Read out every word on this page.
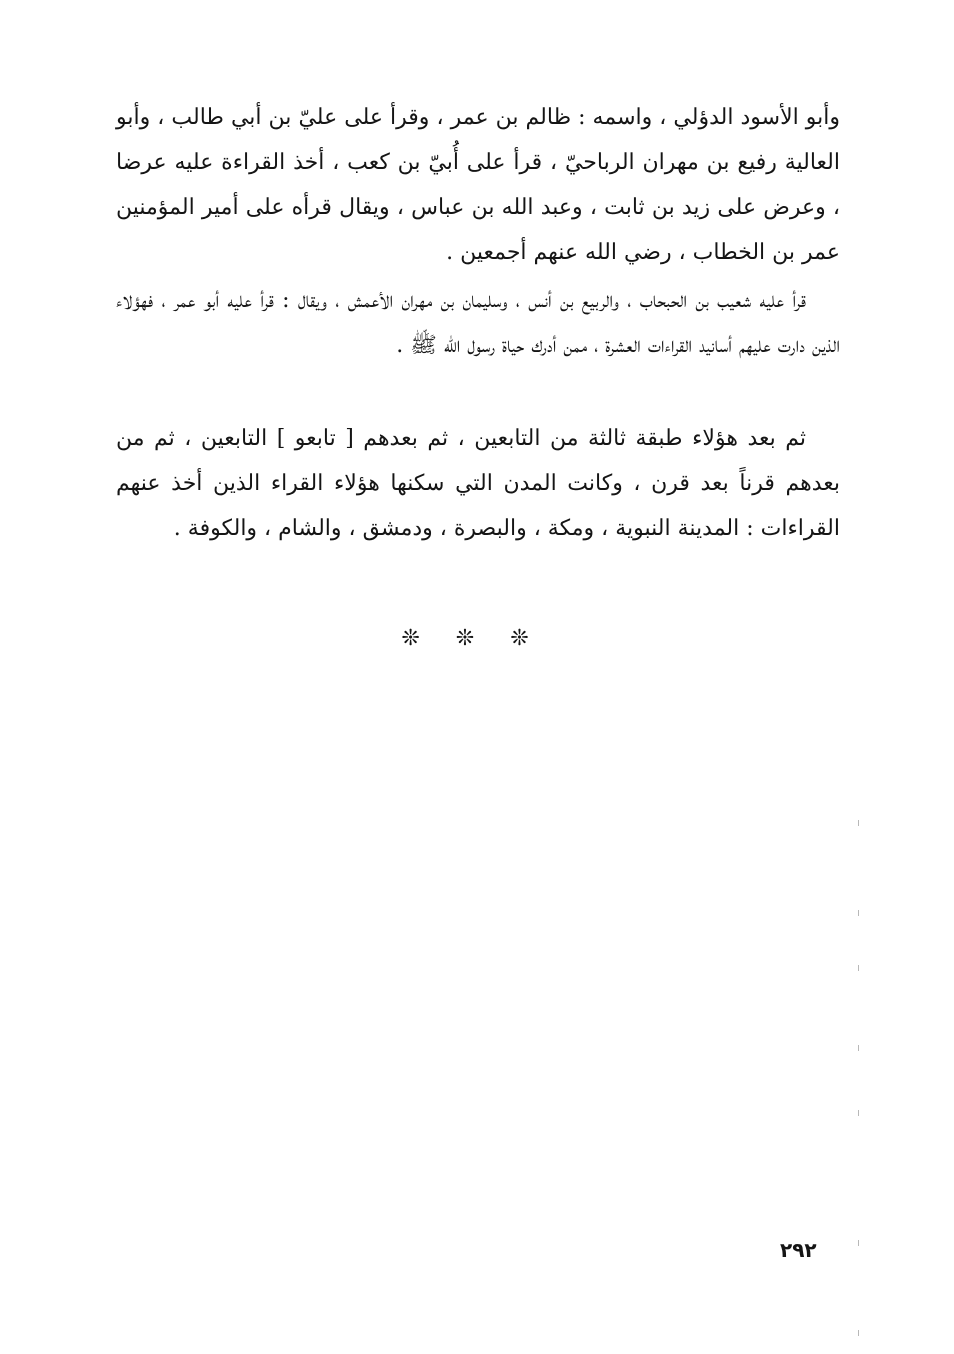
وأبو الأسود الدؤلي ، واسمه : ظالم بن عمر ، وقرأ على عليّ بن أبي طالب ، وأبو العالية رفيع بن مهران الرباحيّ ، قرأ على أُبيّ بن كعب ، أخذ القراءة عليه عرضا ، وعرض على زيد بن ثابت ، وعبد الله بن عباس ، ويقال قرأه على أمير المؤمنين عمر بن الخطاب ، رضي الله عنهم أجمعين .

قرأ عليه شعيب بن الحبحاب ، والربيع بن أنس ، وسليمان بن مهران الأعمش ، ويقال : قرأ عليه أبو عمر ، فهؤلاء الذين دارت عليهم أسانيد القراءات العشرة ، ممن أدرك حياة رسول الله ﷺ .

ثم بعد هؤلاء طبقة ثالثة من التابعين ، ثم بعدهم [ تابعو ] التابعين ، ثم من بعدهم قرناً بعد قرن ، وكانت المدن التي سكنها هؤلاء القراء الذين أخذ عنهم القراءات : المدينة النبوية ، ومكة ، والبصرة ، ودمشق ، والشام ، والكوفة .

❊ ❊ ❊
٢٩٢
